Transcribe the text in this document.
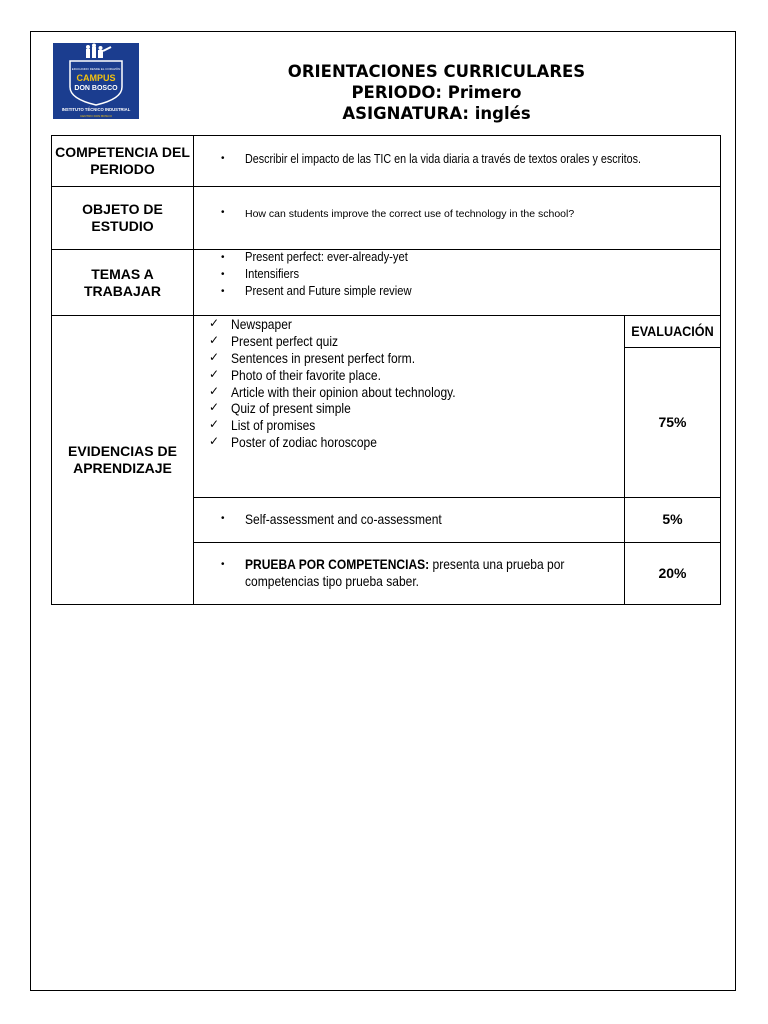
EDUCANDO DESDE EL CORAZÓN
CAMPUS
DON BOSCO
INSTITUTO TÉCNICO INDUSTRIAL
CENTRO DON BOSCO
ORIENTACIONES CURRICULARES
PERIODO: Primero
ASIGNATURA: inglés
COMPETENCIA DEL
PERIODO
OBJETO DE
ESTUDIO
TEMAS A
TRABAJAR
EVIDENCIAS DE
APRENDIZAJE
• Describir el impacto de las TIC en la vida diaria a través de textos orales y escritos.
• How can students improve the correct use of technology in the school?
• Present perfect: ever-already-yet
• Intensifiers
• Present and Future simple review
✓ Newspaper
✓ Present perfect quiz
✓ Sentences in present perfect form.
✓ Photo of their favorite place.
✓ Article with their opinion about technology.
✓ Quiz of present simple
✓ List of promises
✓ Poster of zodiac horoscope
EVALUACIÓN
75%
5%
20%
• Self-assessment and co-assessment
• PRUEBA POR COMPETENCIAS: presenta una prueba por
competencias tipo prueba saber.
